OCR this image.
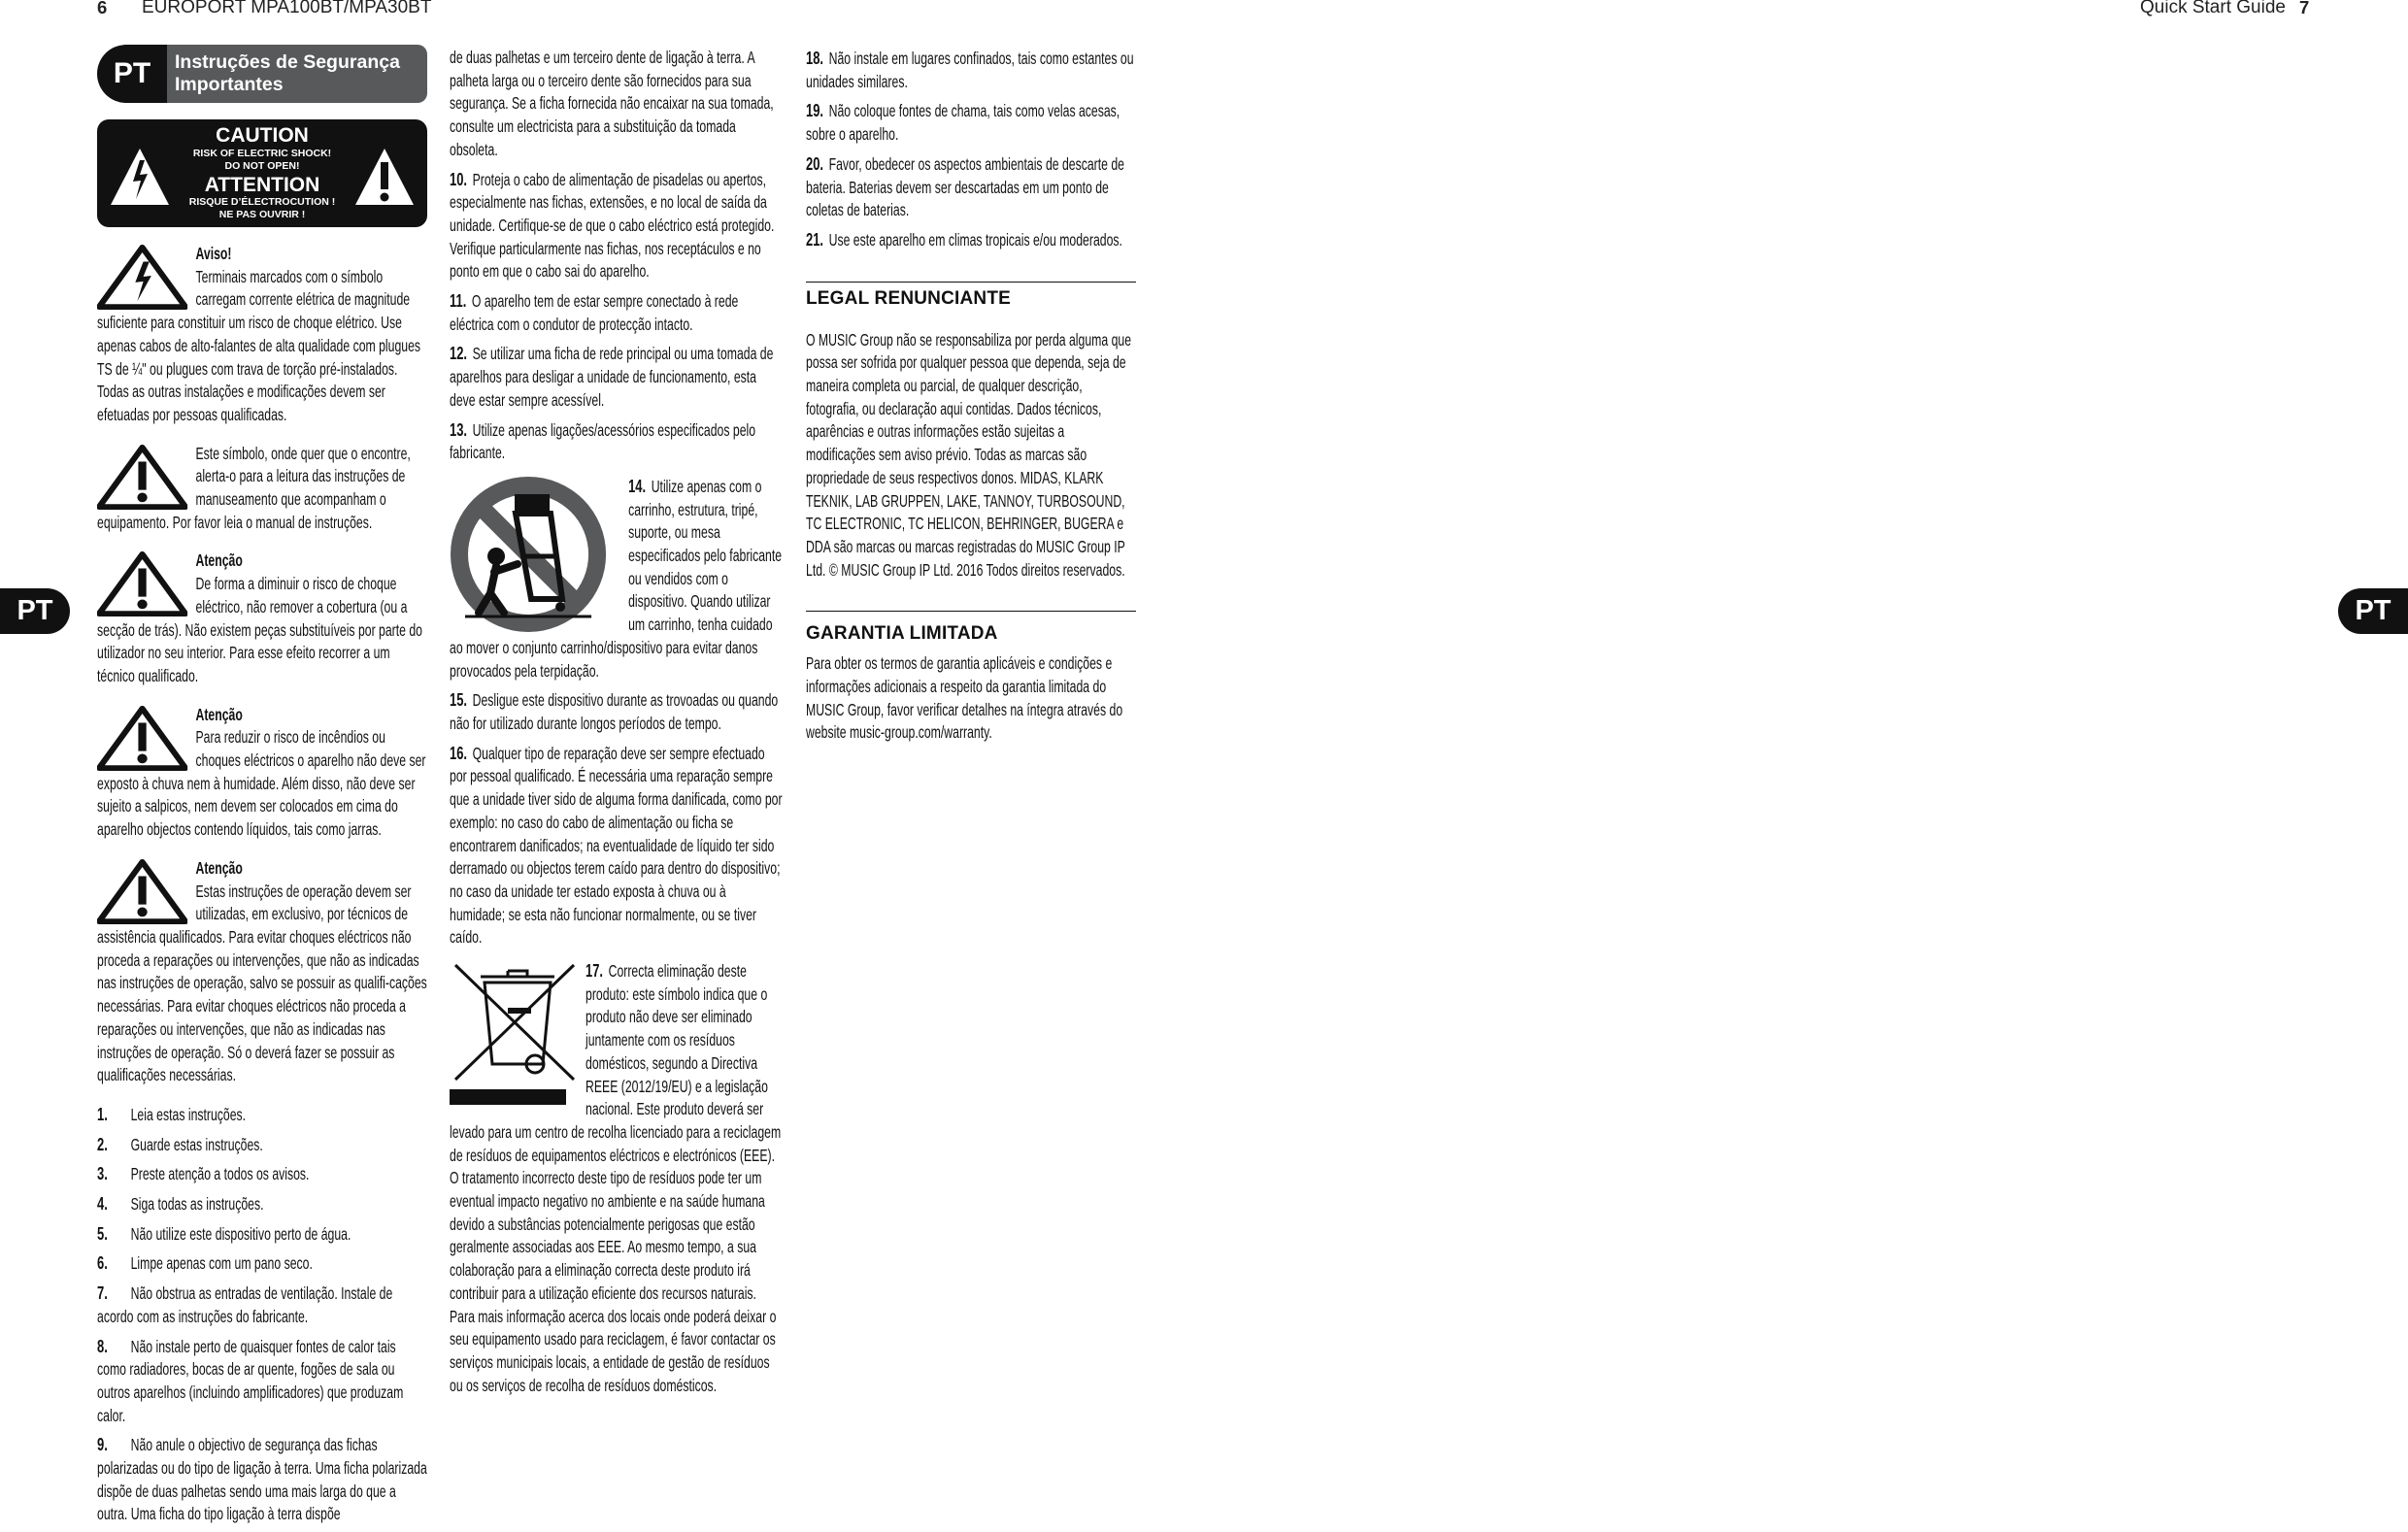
6 EUROPORT MPA100BT/MPA30BT	Quick Start Guide 7
PT	PT
PT	Instruções de Segurança
Importantes
CAUTION
RISK OF ELECTRIC SHOCK!
DO NOT OPEN!
ATTENTION
RISQUE D’ÉLECTROCUTION !
NE PAS OUVRIR !
Aviso!
Terminais marcados com o símbolo carregam corrente elétrica de magnitude suficiente para constituir um risco de choque elétrico. Use apenas cabos de alto-falantes de alta qualidade com plugues TS de ¼" ou plugues com trava de torção pré-instalados. Todas as outras instalações e modificações devem ser efetuadas por pessoas qualificadas.
Este símbolo, onde quer que o encontre, alerta-o para a leitura das instruções de manuseamento que acompanham o equipamento. Por favor leia o manual de instruções.
Atenção
De forma a diminuir o risco de choque eléctrico, não remover a cobertura (ou a secção de trás). Não existem peças substituíveis por parte do utilizador no seu interior. Para esse efeito recorrer a um técnico qualificado.
Atenção
Para reduzir o risco de incêndios ou choques eléctricos o aparelho não deve ser exposto à chuva nem à humidade. Além disso, não deve ser sujeito a salpicos, nem devem ser colocados em cima do aparelho objectos contendo líquidos, tais como jarras.
Atenção
Estas instruções de operação devem ser utilizadas, em exclusivo, por técnicos de assistência qualificados. Para evitar choques eléctricos não proceda a reparações ou intervenções, que não as indicadas nas instruções de operação, salvo se possuir as qualifi-cações necessárias. Para evitar choques eléctricos não proceda a reparações ou intervenções, que não as indicadas nas instruções de operação. Só o deverá fazer se possuir as qualificações necessárias.

1. Leia estas instruções.

2. Guarde estas instruções.

3. Preste atenção a todos os avisos.

4. Siga todas as instruções.

5. Não utilize este dispositivo perto de água.

6. Limpe apenas com um pano seco.

7. Não obstrua as entradas de ventilação. Instale de acordo com as instruções do fabricante.

8. Não instale perto de quaisquer fontes de calor tais como radiadores, bocas de ar quente, fogões de sala ou outros aparelhos (incluindo amplificadores) que produzam calor.

9. Não anule o objectivo de segurança das fichas polarizadas ou do tipo de ligação à terra. Uma ficha polarizada dispõe de duas palhetas sendo uma mais larga do que a outra. Uma ficha do tipo ligação à terra dispõe

de duas palhetas e um terceiro dente de ligação à terra. A palheta larga ou o terceiro dente são fornecidos para sua segurança. Se a ficha fornecida não encaixar na sua tomada, consulte um electricista para a substituição da tomada obsoleta.

10. Proteja o cabo de alimentação de pisadelas ou apertos, especialmente nas fichas, extensões, e no local de saída da unidade. Certifique-se de que o cabo eléctrico está protegido. Verifique particularmente nas fichas, nos receptáculos e no ponto em que o cabo sai do aparelho.

11. O aparelho tem de estar sempre conectado à rede eléctrica com o condutor de protecção intacto.

12. Se utilizar uma ficha de rede principal ou uma tomada de aparelhos para desligar a unidade de funcionamento, esta deve estar sempre acessível.

13. Utilize apenas ligações/acessórios especificados pelo fabricante.

14. Utilize apenas com o carrinho, estrutura, tripé, suporte, ou mesa especificados pelo fabricante ou vendidos com o dispositivo. Quando utilizar um carrinho, tenha cuidado ao mover o conjunto carrinho/dispositivo para evitar danos provocados pela terpidação.

15. Desligue este dispositivo durante as trovoadas ou quando não for utilizado durante longos períodos de tempo.

16. Qualquer tipo de reparação deve ser sempre efectuado por pessoal qualificado. É necessária uma reparação sempre que a unidade tiver sido de alguma forma danificada, como por exemplo: no caso do cabo de alimentação ou ficha se encontrarem danificados; na eventualidade de líquido ter sido derramado ou objectos terem caído para dentro do dispositivo; no caso da unidade ter estado exposta à chuva ou à humidade; se esta não funcionar normalmente, ou se tiver caído.

17. Correcta eliminação deste produto: este símbolo indica que o produto não deve ser eliminado juntamente com os resíduos domésticos, segundo a Directiva REEE (2012/19/EU) e a legislação nacional. Este produto deverá ser levado para um centro de recolha licenciado para a reciclagem de resíduos de equipamentos eléctricos e electrónicos (EEE). O tratamento incorrecto deste tipo de resíduos pode ter um eventual impacto negativo no ambiente e na saúde humana devido a substâncias potencialmente perigosas que estão geralmente associadas aos EEE. Ao mesmo tempo, a sua colaboração para a eliminação correcta deste produto irá contribuir para a utilização eficiente dos recursos naturais. Para mais informação acerca dos locais onde poderá deixar o seu equipamento usado para reciclagem, é favor contactar os serviços municipais locais, a entidade de gestão de resíduos ou os serviços de recolha de resíduos domésticos.

18. Não instale em lugares confinados, tais como estantes ou unidades similares.

19. Não coloque fontes de chama, tais como velas acesas, sobre o aparelho.

20. Favor, obedecer os aspectos ambientais de descarte de bateria. Baterias devem ser descartadas em um ponto de coletas de baterias.

21. Use este aparelho em climas tropicais e/ou moderados.

LEGAL RENUNCIANTE

O MUSIC Group não se responsabiliza por perda alguma que possa ser sofrida por qualquer pessoa que dependa, seja de maneira completa ou parcial, de qualquer descrição, fotografia, ou declaração aqui contidas. Dados técnicos, aparências e outras informações estão sujeitas a modificações sem aviso prévio. Todas as marcas são propriedade de seus respectivos donos. MIDAS, KLARK TEKNIK, LAB GRUPPEN, LAKE, TANNOY, TURBOSOUND, TC ELECTRONIC, TC HELICON, BEHRINGER, BUGERA e DDA são marcas ou marcas registradas do MUSIC Group IP Ltd. © MUSIC Group IP Ltd. 2016 Todos direitos reservados.

GARANTIA LIMITADA

Para obter os termos de garantia aplicáveis e condições e informações adicionais a respeito da garantia limitada do MUSIC Group, favor verificar detalhes na íntegra através do website music-group.com/warranty.
